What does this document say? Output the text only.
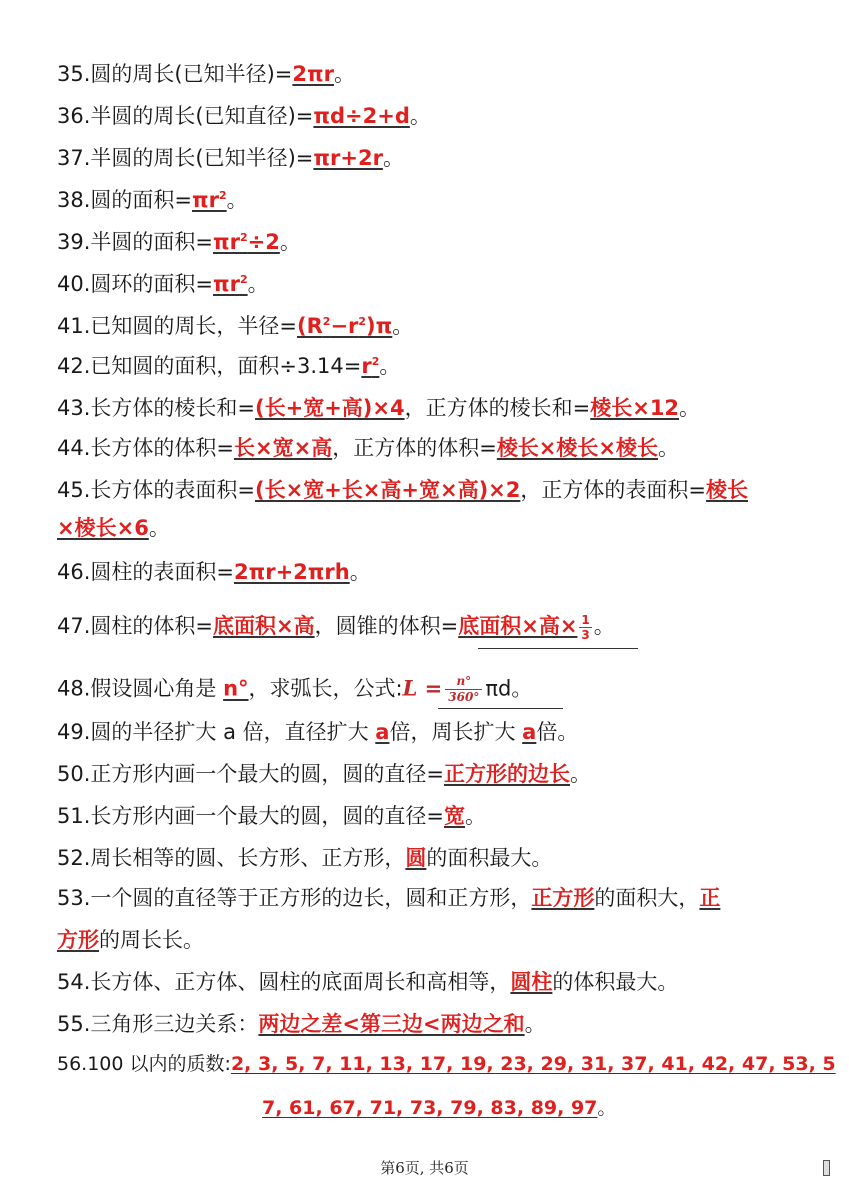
35.圆的周长(已知半径)=2πr。
36.半圆的周长(已知直径)=πd÷2+d。
37.半圆的周长(已知半径)=πr+2r。
38.圆的面积$=\pi r^2$。
39.半圆的面积$=\pi r^2\div 2$。
40.圆环的面积$=\pi r^2$。
41.已知圆的周长，半径$=(R^2-r^2)\pi$。
42.已知圆的面积，面积$\div 3.14=r^2$。
43.长方体的棱长和=(长+宽+高)×4，正方体的棱长和=棱长×12。
44.长方体的体积=长×宽×高，正方体的体积=棱长×棱长×棱长。
45.长方体的表面积=(长×宽+长×高+宽×高)×2，正方体的表面积=棱长
×棱长×6。
46.圆柱的表面积=2πr+2πrh。
47.圆柱的体积=底面积×高，圆锥的体积=底面积×高× $\frac{1}{3}$ 。
48.假设圆心角是 n°，求弧长，公式:L = $\frac{n^\circ}{360^\circ}$ πd。
49.圆的半径扩大 a 倍，直径扩大 a倍，周长扩大 a倍。
50.正方形内画一个最大的圆，圆的直径=正方形的边长。
51.长方形内画一个最大的圆，圆的直径=宽。
52.周长相等的圆、长方形、正方形，圆的面积最大。
53.一个圆的直径等于正方形的边长，圆和正方形，正方形的面积大，正
方形的周长长。
54.长方体、正方体、圆柱的底面周长和高相等，圆柱的体积最大。
55.三角形三边关系：两边之差<第三边<两边之和。
56.100 以内的质数:2, 3, 5, 7, 11, 13, 17, 19, 23, 29, 31, 37, 41, 42, 47, 53, 5
7, 61, 67, 71, 73, 79, 83, 89, 97。
第6页, 共6页
